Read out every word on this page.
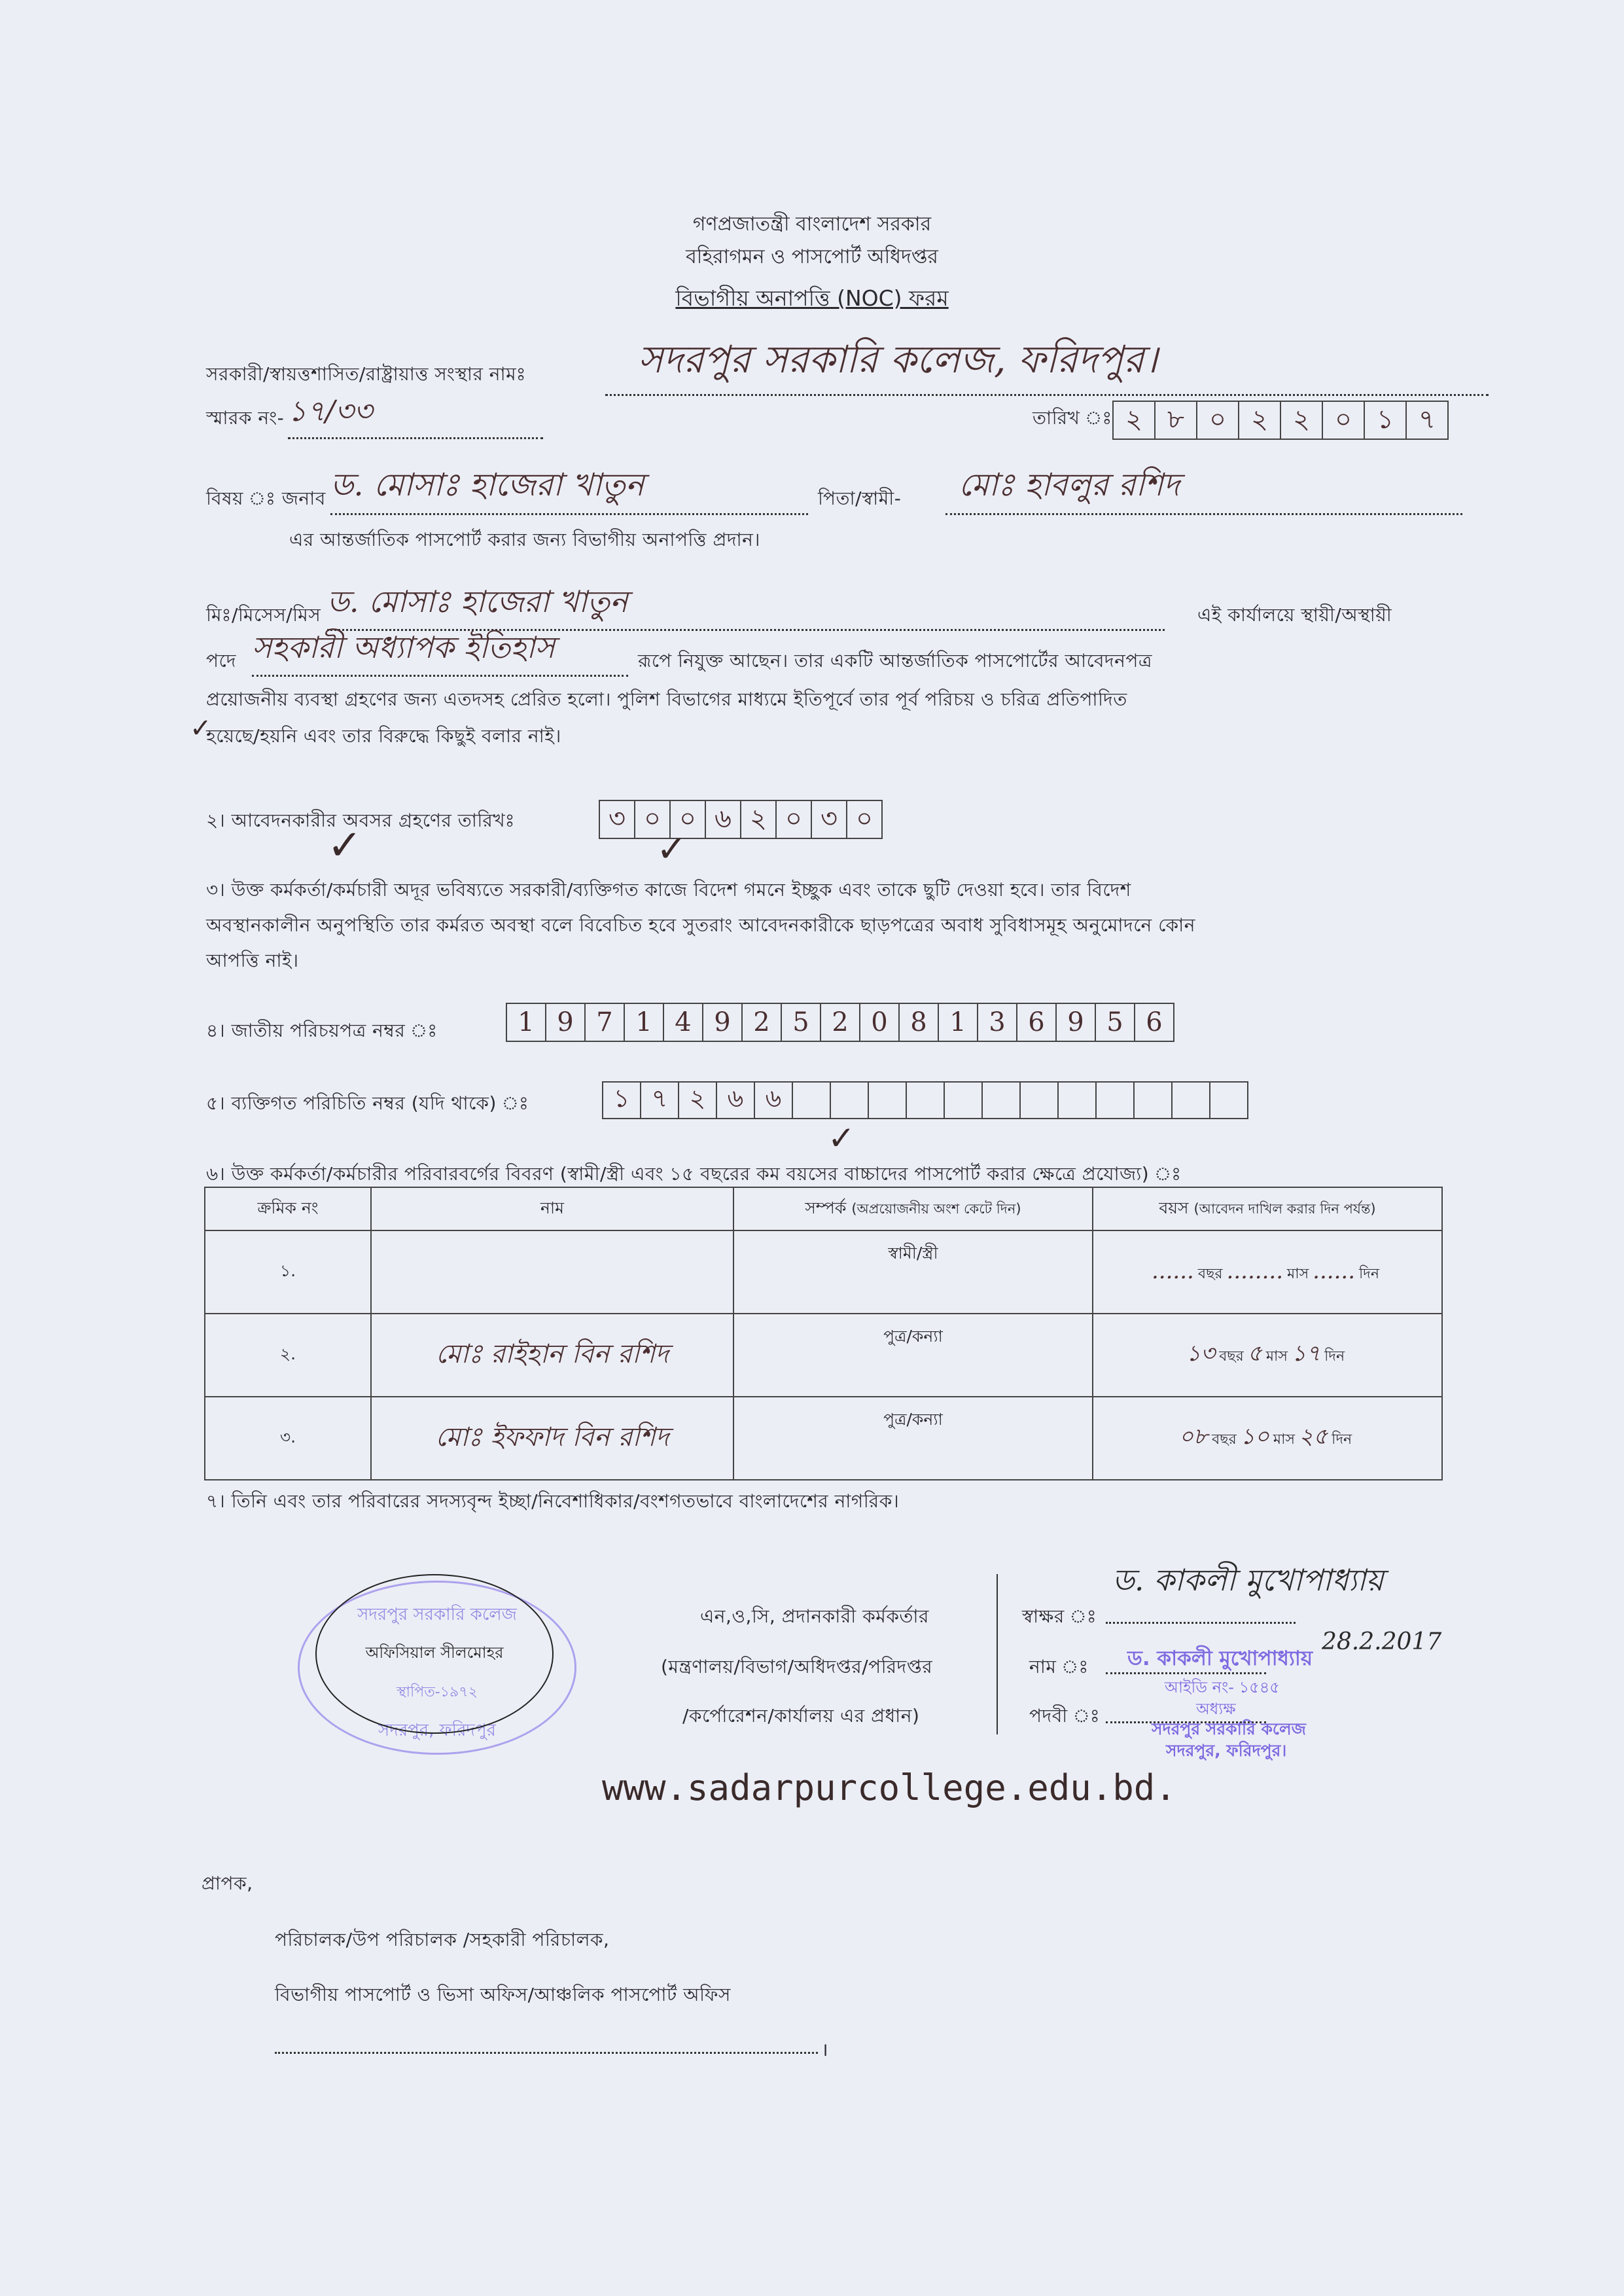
গণপ্রজাতন্ত্রী বাংলাদেশ সরকার
বহিরাগমন ও পাসপোর্ট অধিদপ্তর
বিভাগীয় অনাপত্তি (NOC) ফরম
সরকারী/স্বায়ত্তশাসিত/রাষ্ট্রায়াত্ত সংস্থার নামঃ	সদরপুর সরকারি কলেজ, ফরিদপুর।
স্মারক নং- ১৭/৩৩	তারিখ ঃ ২ ৮ ০ ২ ২ ০ ১ ৭
বিষয় ঃ জনাব ড. মোসাঃ হাজেরা খাতুন	পিতা/স্বামী-	মোঃ হাবলুর রশিদ
এর আন্তর্জাতিক পাসপোর্ট করার জন্য বিভাগীয় অনাপত্তি প্রদান।
মিঃ/মিসেস/মিস ড. মোসাঃ হাজেরা খাতুন	এই কার্যালয়ে স্থায়ী/অস্থায়ী
পদে সহকারী অধ্যাপক ইতিহাস	রূপে নিযুক্ত আছেন। তার একটি আন্তর্জাতিক পাসপোর্টের আবেদনপত্র
প্রয়োজনীয় ব্যবস্থা গ্রহণের জন্য এতদসহ প্রেরিত হলো। পুলিশ বিভাগের মাধ্যমে ইতিপূর্বে তার পূর্ব পরিচয় ও চরিত্র প্রতিপাদিত
হয়েছে/হয়নি এবং তার বিরুদ্ধে কিছুই বলার নাই।
✓
২। আবেদনকারীর অবসর গ্রহণের তারিখঃ	৩ ০ ০ ৬ ২ ০ ৩ ০
✓	✓
৩। উক্ত কর্মকর্তা/কর্মচারী অদূর ভবিষ্যতে সরকারী/ব্যক্তিগত কাজে বিদেশ গমনে ইচ্ছুক এবং তাকে ছুটি দেওয়া হবে। তার বিদেশ
অবস্থানকালীন অনুপস্থিতি তার কর্মরত অবস্থা বলে বিবেচিত হবে সুতরাং আবেদনকারীকে ছাড়পত্রের অবাধ সুবিধাসমূহ অনুমোদনে কোন
আপত্তি নাই।
৪। জাতীয় পরিচয়পত্র নম্বর ঃ	1 9 7 1 4 9 2 5 2 0 8 1 3 6 9 5 6
৫। ব্যক্তিগত পরিচিতি নম্বর (যদি থাকে) ঃ	১ ৭ ২ ৬ ৬
✓
৬। উক্ত কর্মকর্তা/কর্মচারীর পরিবারবর্গের বিবরণ (স্বামী/স্ত্রী এবং ১৫ বছরের কম বয়সের বাচ্চাদের পাসপোর্ট করার ক্ষেত্রে প্রযোজ্য) ঃ
ক্রমিক নং	নাম	সম্পর্ক (অপ্রয়োজনীয় অংশ কেটে দিন)	বয়স (আবেদন দাখিল করার দিন পর্যন্ত)
১.		স্বামী/স্ত্রী	...... বছর ........ মাস ...... দিন
২.	মোঃ রাইহান বিন রশিদ	পুত্র/কন্যা	১৩ বছর ৫ মাস ১৭ দিন
৩.	মোঃ ইফফাদ বিন রশিদ	পুত্র/কন্যা	০৮ বছর ১০ মাস ২৫ দিন
৭। তিনি এবং তার পরিবারের সদস্যবৃন্দ ইচ্ছা/নিবেশাধিকার/বংশগতভাবে বাংলাদেশের নাগরিক।
সদরপুর সরকারি কলেজ
স্থাপিত-১৯৭২
সদরপুর, ফরিদপুর
অফিসিয়াল সীলমোহর
এন,ও,সি, প্রদানকারী কর্মকর্তার
(মন্ত্রণালয়/বিভাগ/অধিদপ্তর/পরিদপ্তর
/কর্পোরেশন/কার্যালয় এর প্রধান)
স্বাক্ষর ঃ
ড. কাকলী মুখোপাধ্যায়
28.2.2017
নাম ঃ ড. কাকলী মুখোপাধ্যায়
আইডি নং- ১৫৪৫
অধ্যক্ষ
পদবী ঃ
সদরপুর সরকারি কলেজ
সদরপুর, ফরিদপুর।
www.sadarpurcollege.edu.bd.
প্রাপক,
পরিচালক/উপ পরিচালক /সহকারী পরিচালক,
বিভাগীয় পাসপোর্ট ও ভিসা অফিস/আঞ্চলিক পাসপোর্ট অফিস
।
